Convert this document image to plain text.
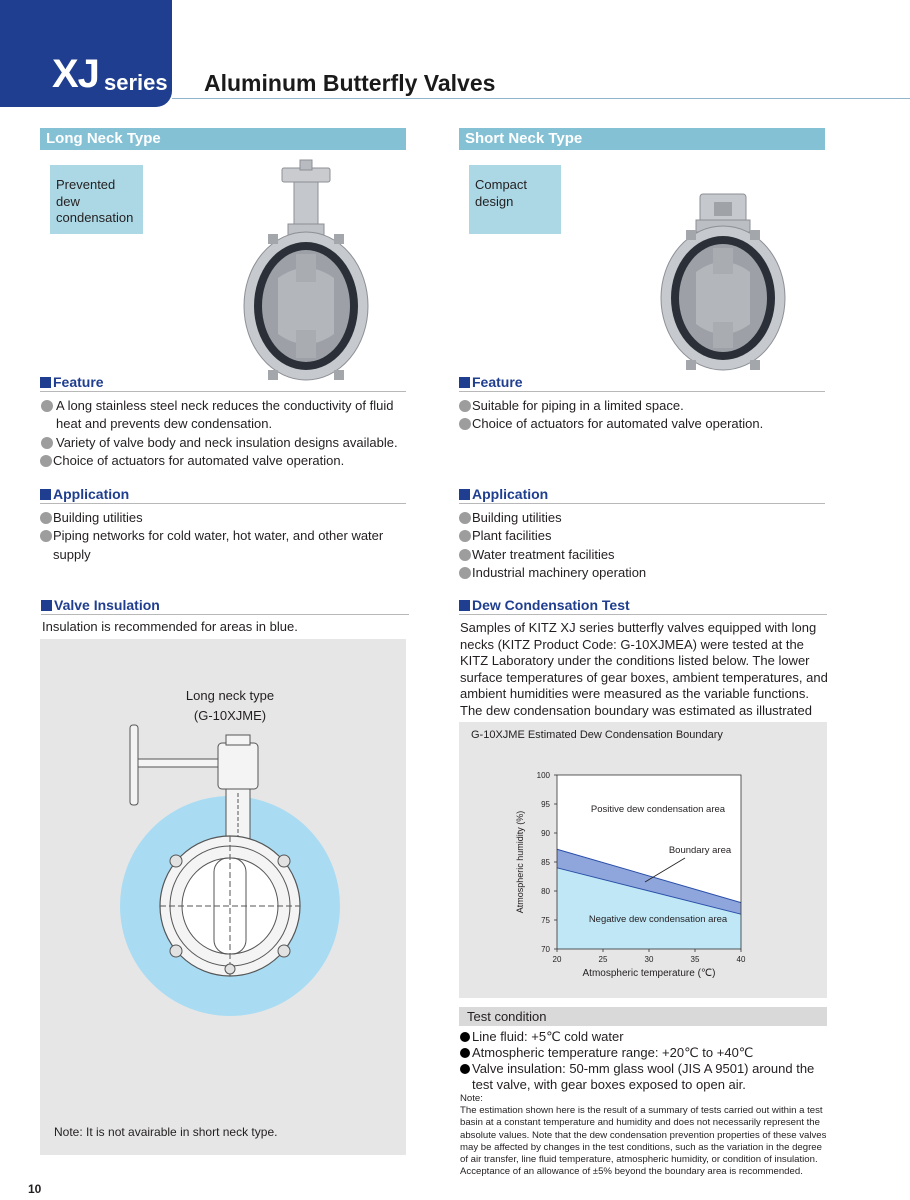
XJ series Aluminum Butterfly Valves
Long Neck Type
Prevented dew condensation
Feature
A long stainless steel neck reduces the conductivity of fluid heat and prevents dew condensation.
Variety of valve body and neck insulation designs available.
Choice of actuators for automated valve operation.
Application
Building utilities
Piping networks for cold water, hot water, and other water supply
Short Neck Type
Compact design
Feature
Suitable for piping in a limited space.
Choice of actuators for automated valve operation.
Application
Building utilities
Plant facilities
Water treatment facilities
Industrial machinery operation
Valve Insulation
Insulation is recommended for areas in blue.
Long neck type
(G-10XJME)
Note: It is not avairable in short neck type.
Dew Condensation Test
Samples of KITZ XJ series butterfly valves equipped with long necks (KITZ Product Code: G-10XJMEA) were tested at the KITZ Laboratory under the conditions listed below. The lower surface temperatures of gear boxes, ambient temperatures, and ambient humidities were measured as the variable functions. The dew condensation boundary was estimated as illustrated
G-10XJME Estimated Dew Condensation Boundary
70
75
80
85
90
95
100
20	25	30	35	40
Atmospheric temperature (℃)
Atmospheric humidity (%)
Positive dew condensation area
Boundary area
Negative dew condensation area
Test condition
Line fluid: +5℃ cold water
Atmospheric temperature range: +20℃ to +40℃
Valve insulation: 50-mm glass wool (JIS A 9501) around the test valve, with gear boxes exposed to open air.
Note:
The estimation shown here is the result of a summary of tests carried out within a test basin at a constant temperature and humidity and does not necessarily represent the absolute values. Note that the dew condensation prevention properties of these valves may be affected by changes in the test conditions, such as the variation in the degree of air transfer, line fluid temperature, atmospheric humidity, or condition of insulation. Acceptance of an allowance of ±5% beyond the boundary area is recommended.
10
